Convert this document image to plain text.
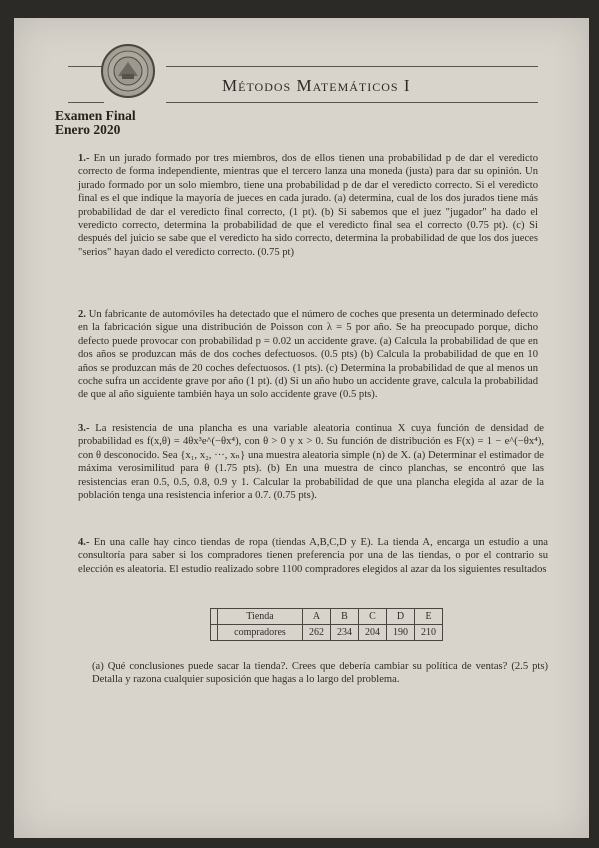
Métodos Matemáticos I
Examen Final
Enero 2020
1.- En un jurado formado por tres miembros, dos de ellos tienen una probabilidad p de dar el veredicto correcto de forma independiente, mientras que el tercero lanza una moneda (justa) para dar su opinión. Un jurado formado por un solo miembro, tiene una probabilidad p de dar el veredicto correcto. Si el veredicto final es el que indique la mayoría de jueces en cada jurado. (a) determina, cual de los dos jurados tiene más probabilidad de dar el veredicto final correcto, (1 pt). (b) Si sabemos que el juez "jugador" ha dado el veredicto correcto, determina la probabilidad de que el veredicto final sea el correcto (0.75 pt). (c) Si después del juicio se sabe que el veredicto ha sido correcto, determina la probabilidad de que los dos jueces "serios" hayan dado el veredicto correcto. (0.75 pt)
2. Un fabricante de automóviles ha detectado que el número de coches que presenta un determinado defecto en la fabricación sigue una distribución de Poisson con λ = 5 por año. Se ha preocupado porque, dicho defecto puede provocar con probabilidad p = 0.02 un accidente grave. (a) Calcula la probabilidad de que en dos años se produzcan más de dos coches defectuosos. (0.5 pts) (b) Calcula la probabilidad de que en 10 años se produzcan más de 20 coches defectuosos. (1 pts). (c) Determina la probabilidad de que al menos un coche sufra un accidente grave por año (1 pt). (d) Si un año hubo un accidente grave, calcula la probabilidad de que al año siguiente también haya un solo accidente grave (0.5 pts).
3.- La resistencia de una plancha es una variable aleatoria continua X cuya función de densidad de probabilidad es f(x,θ) = 4θx³e^(−θx⁴), con θ > 0 y x > 0. Su función de distribución es F(x) = 1 − e^(−θx⁴), con θ desconocido. Sea {x₁, x₂, ···, xₙ} una muestra aleatoria simple (n) de X. (a) Determinar el estimador de máxima verosimilitud para θ (1.75 pts). (b) En una muestra de cinco planchas, se encontró que las resistencias eran 0.5, 0.5, 0.8, 0.9 y 1. Calcular la probabilidad de que una plancha elegida al azar de la población tenga una resistencia inferior a 0.7. (0.75 pts).
4.- En una calle hay cinco tiendas de ropa (tiendas A,B,C,D y E). La tienda A, encarga un estudio a una consultoría para saber si los compradores tienen preferencia por una de las tiendas, o por el contrario su elección es aleatoria. El estudio realizado sobre 1100 compradores elegidos al azar da los siguientes resultados
	Tienda	A	B	C	D	E
	compradores	262	234	204	190	210
(a) Qué conclusiones puede sacar la tienda?. Crees que debería cambiar su política de ventas? (2.5 pts) Detalla y razona cualquier suposición que hagas a lo largo del problema.
